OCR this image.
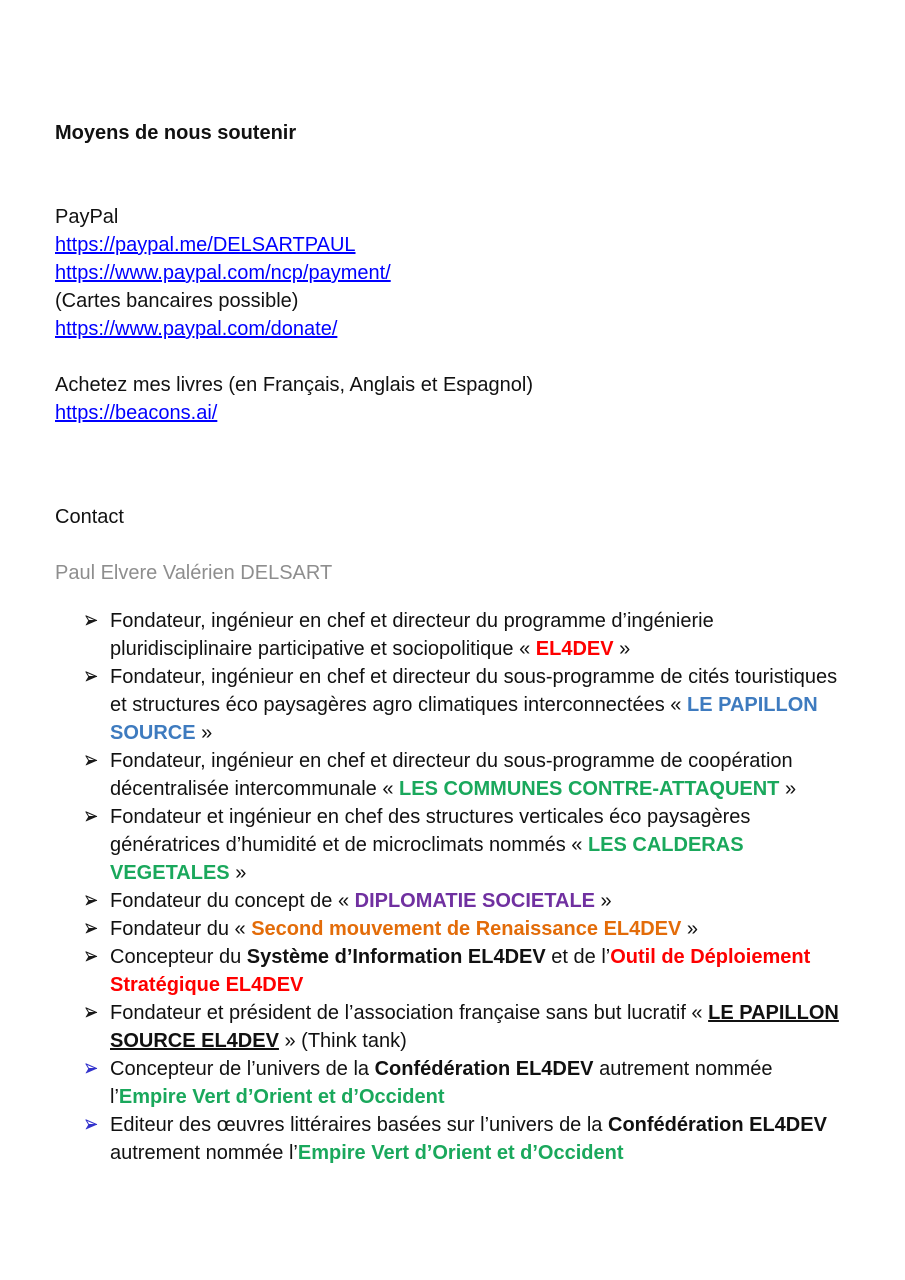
Moyens de nous soutenir
PayPal
https://paypal.me/DELSARTPAUL
https://www.paypal.com/ncp/payment/
(Cartes bancaires possible)
https://www.paypal.com/donate/
Achetez mes livres (en Français, Anglais et Espagnol)
https://beacons.ai/
Contact
Paul Elvere Valérien DELSART
Fondateur, ingénieur en chef et directeur du programme d’ingénierie
pluridisciplinaire participative et sociopolitique « EL4DEV »
Fondateur, ingénieur en chef et directeur du sous-programme de cités touristiques
et structures éco paysagères agro climatiques interconnectées « LE PAPILLON
SOURCE »
Fondateur, ingénieur en chef et directeur du sous-programme de coopération
décentralisée intercommunale « LES COMMUNES CONTRE-ATTAQUENT »
Fondateur et ingénieur en chef des structures verticales éco paysagères
génératrices d’humidité et de microclimats nommés « LES CALDERAS
VEGETALES »
Fondateur du concept de « DIPLOMATIE SOCIETALE »
Fondateur du « Second mouvement de Renaissance EL4DEV »
Concepteur du Système d’Information EL4DEV et de l’Outil de Déploiement
Stratégique EL4DEV
Fondateur et président de l’association française sans but lucratif « LE PAPILLON
SOURCE EL4DEV » (Think tank)
Concepteur de l’univers de la Confédération EL4DEV autrement nommée
l’Empire Vert d’Orient et d’Occident
Editeur des œuvres littéraires basées sur l’univers de la Confédération EL4DEV
autrement nommée l’Empire Vert d’Orient et d’Occident
